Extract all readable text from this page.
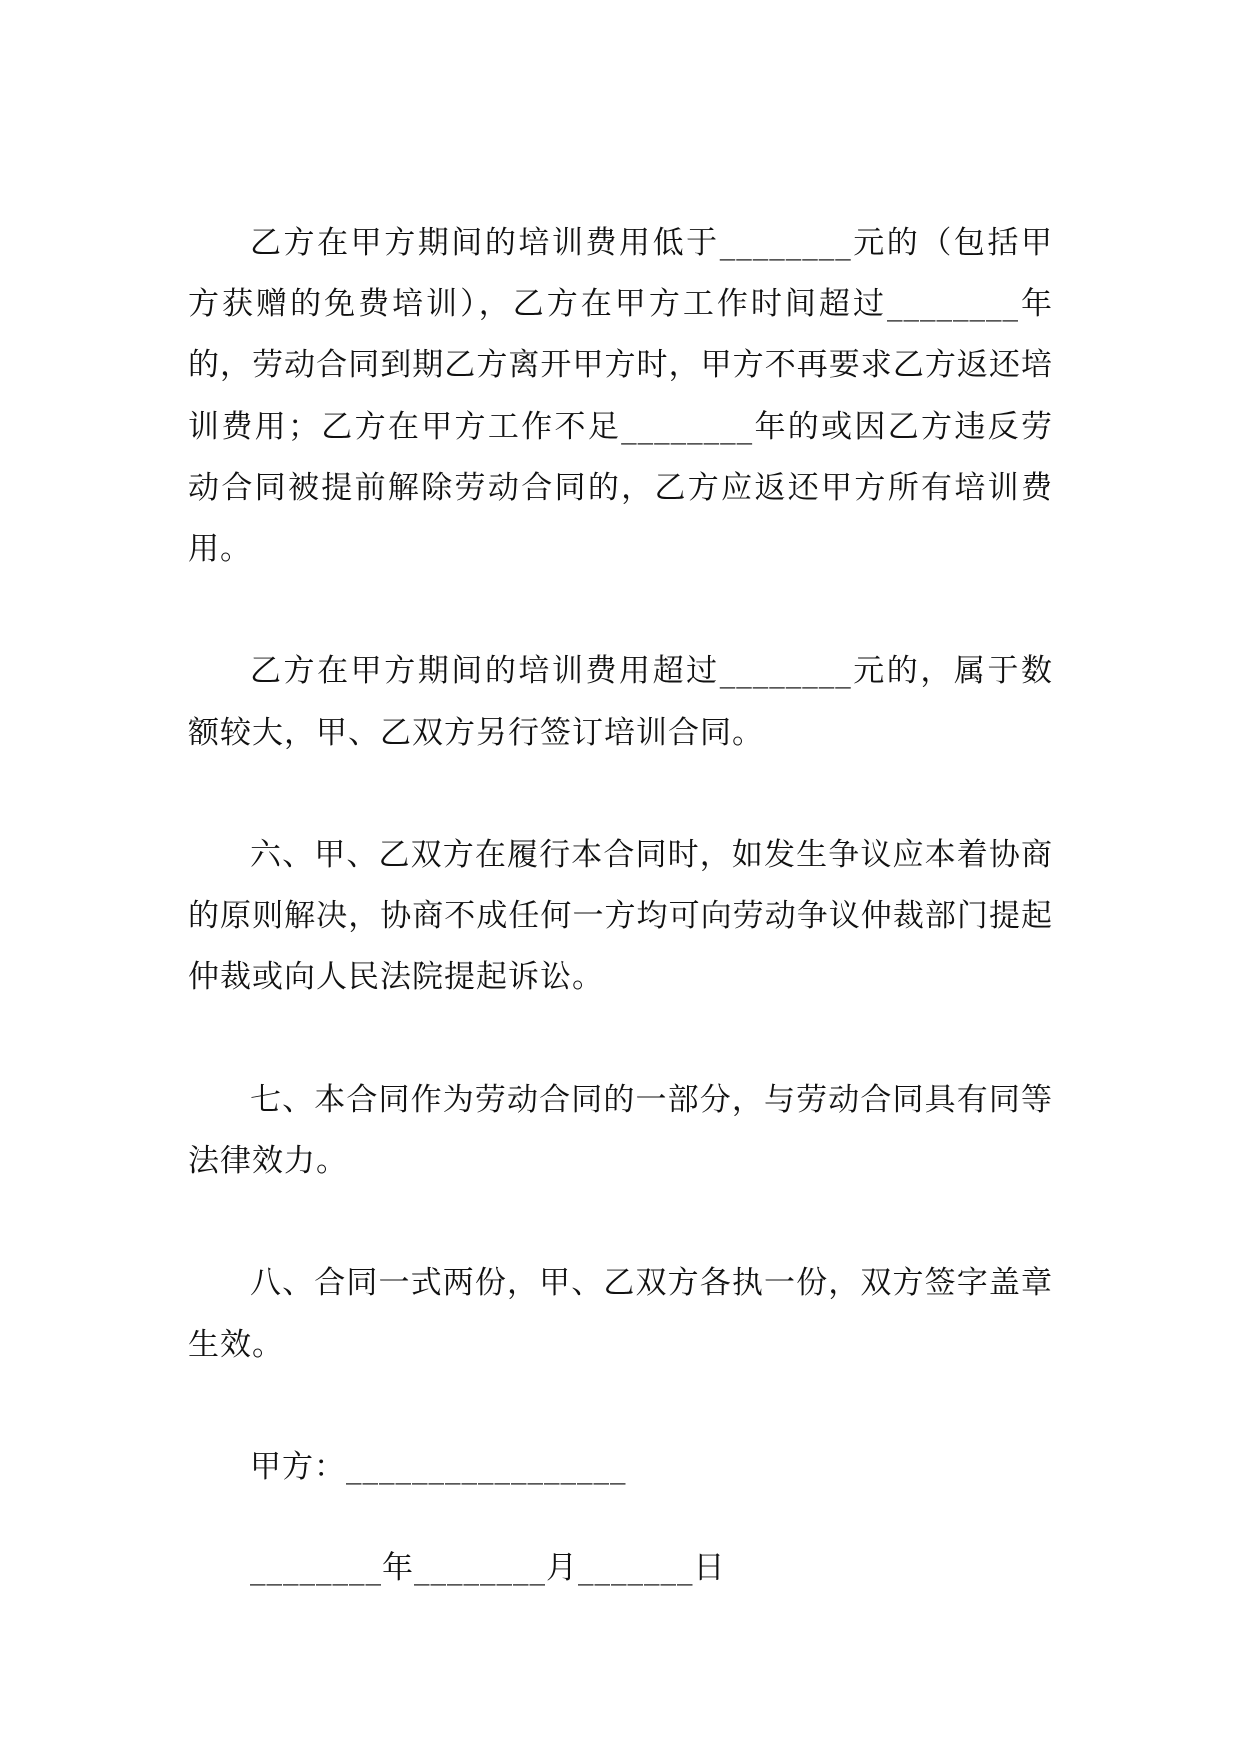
乙方在甲方期间的培训费用低于________元的（包括甲方获赠的免费培训），乙方在甲方工作时间超过________年的，劳动合同到期乙方离开甲方时，甲方不再要求乙方返还培训费用；乙方在甲方工作不足________年的或因乙方违反劳动合同被提前解除劳动合同的，乙方应返还甲方所有培训费用。

乙方在甲方期间的培训费用超过________元的，属于数额较大，甲、乙双方另行签订培训合同。

六、甲、乙双方在履行本合同时，如发生争议应本着协商的原则解决，协商不成任何一方均可向劳动争议仲裁部门提起仲裁或向人民法院提起诉讼。

七、本合同作为劳动合同的一部分，与劳动合同具有同等法律效力。

八、合同一式两份，甲、乙双方各执一份，双方签字盖章生效。

甲方：_________________
________年________月_______日
